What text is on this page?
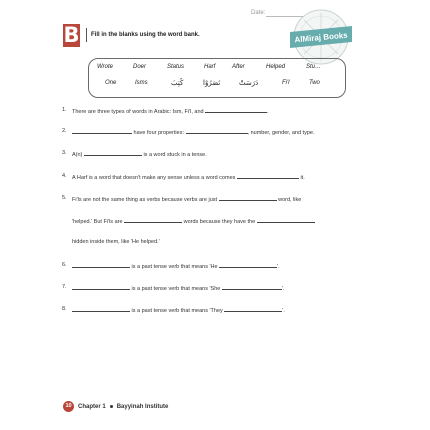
Date:
B	Fill in the blanks using the word bank.	AlMiraj Books
Wrote	Doer	Status	Harf	After	Helped	Stu…
One	Isms	كُتِبَ	نَصَرُوْا	دَرَسَتْ	Fi'l	Two
1. There are three types of words in Arabic: Ism, Fi'l, and	.
2.	have four properties:	, number, gender, and type.
3. A(n)	is a word stuck in a tense.
4. A Harf is a word that doesn't make any sense unless a word comes	it.
5. Fi'ls are not the same thing as verbs because verbs are just	word, like
'helped.' But Fi'ls are	words because they have the
hidden inside them, like 'He helped.'
6.	is a past tense verb that means 'He	'.
7.	is a past tense verb that means 'She	'.
8.	is a past tense verb that means 'They	'.
10 Chapter 1 Bayyinah Institute
